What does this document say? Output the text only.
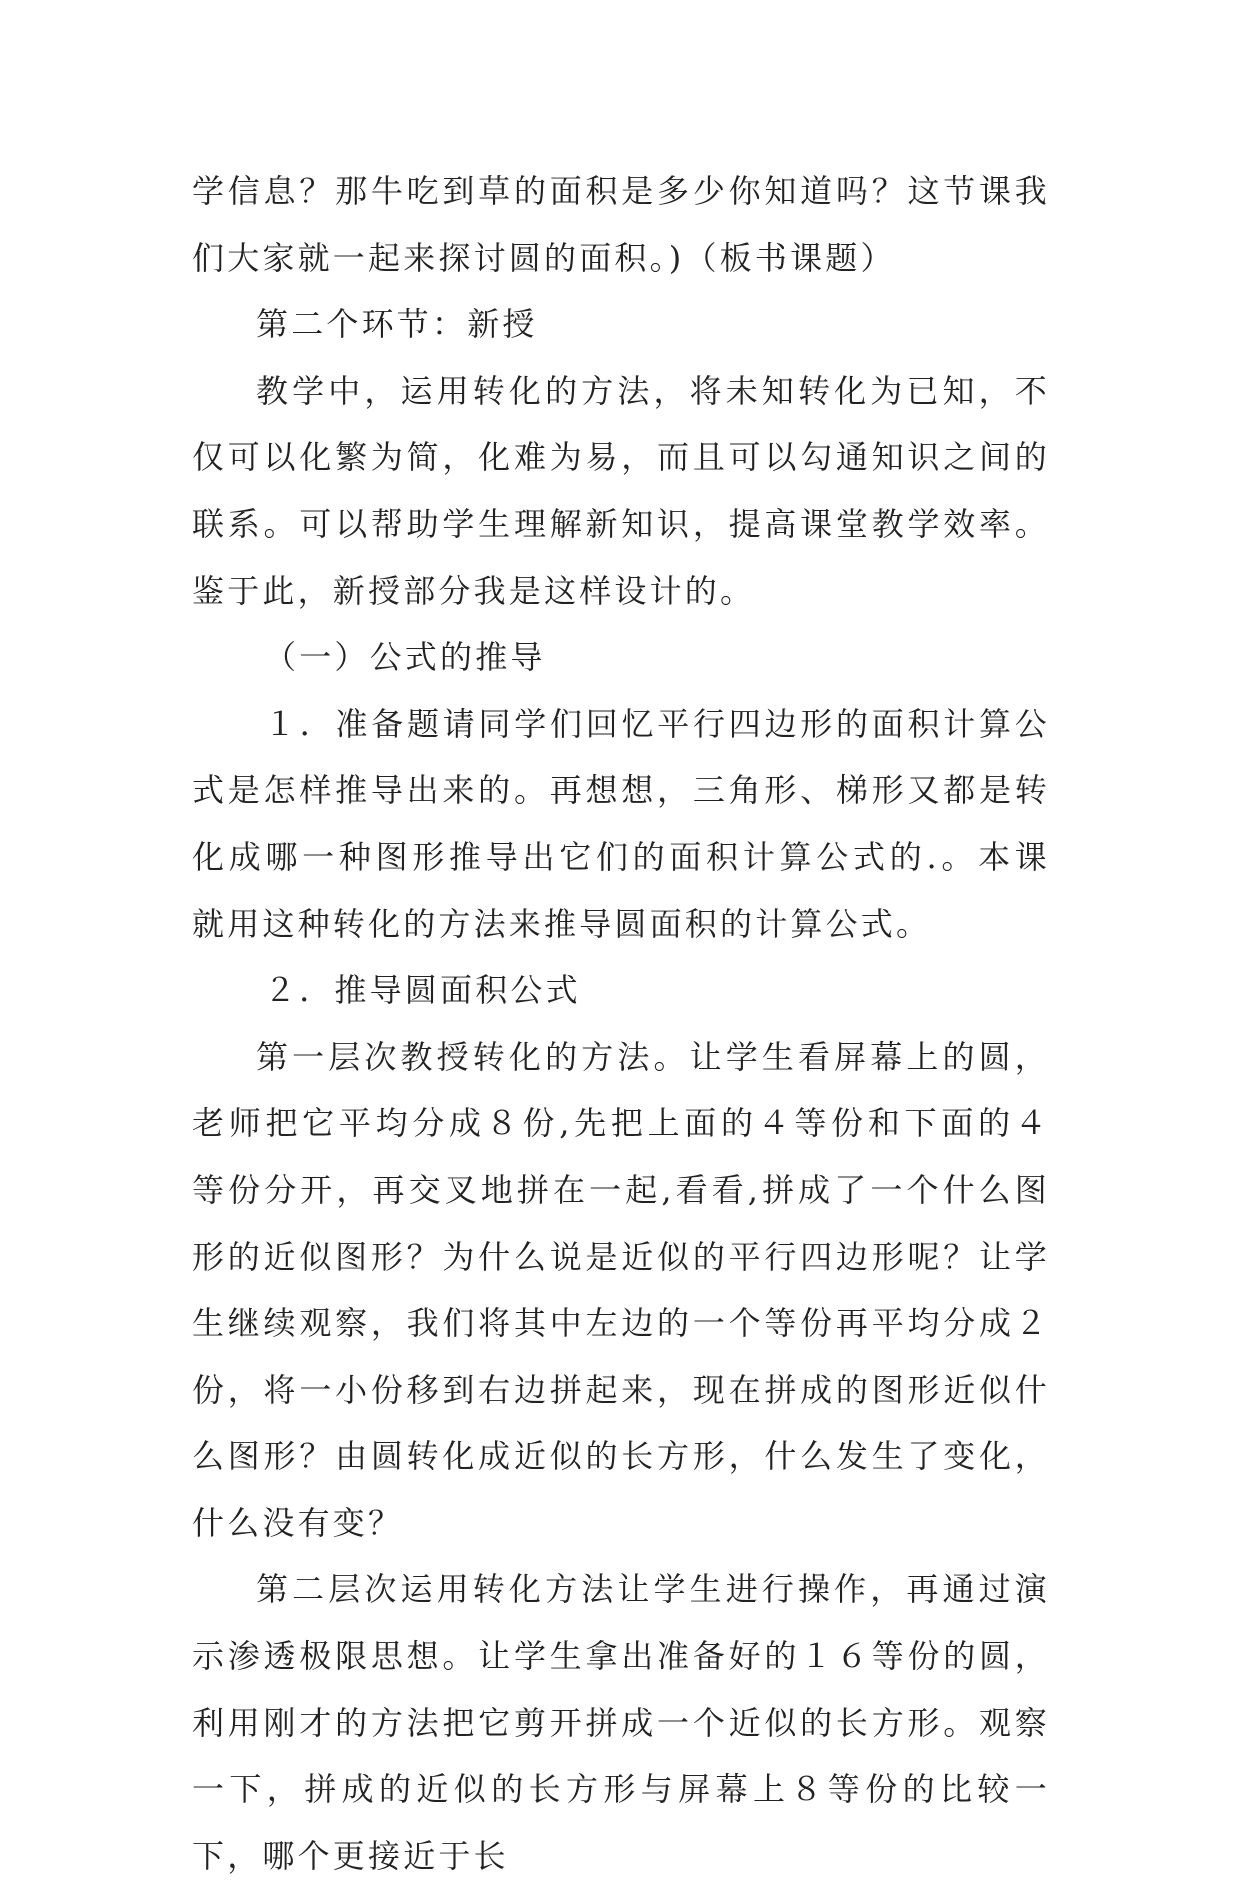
学信息？那牛吃到草的面积是多少你知道吗？这节课我们大家就一起来探讨圆的面积。)（板书课题）

第二个环节：新授

教学中，运用转化的方法，将未知转化为已知，不仅可以化繁为简，化难为易，而且可以勾通知识之间的联系。可以帮助学生理解新知识，提高课堂教学效率。鉴于此，新授部分我是这样设计的。

（一）公式的推导

１．准备题请同学们回忆平行四边形的面积计算公式是怎样推导出来的。再想想，三角形、梯形又都是转化成哪一种图形推导出它们的面积计算公式的.。本课就用这种转化的方法来推导圆面积的计算公式。

２．推导圆面积公式

第一层次教授转化的方法。让学生看屏幕上的圆，老师把它平均分成８份,先把上面的４等份和下面的４等份分开，再交叉地拼在一起,看看,拼成了一个什么图形的近似图形？为什么说是近似的平行四边形呢？让学生继续观察，我们将其中左边的一个等份再平均分成２份，将一小份移到右边拼起来，现在拼成的图形近似什么图形？由圆转化成近似的长方形，什么发生了变化，什么没有变？

第二层次运用转化方法让学生进行操作，再通过演示渗透极限思想。让学生拿出准备好的１６等份的圆，利用刚才的方法把它剪开拼成一个近似的长方形。观察一下，拼成的近似的长方形与屏幕上８等份的比较一下，哪个更接近于长
